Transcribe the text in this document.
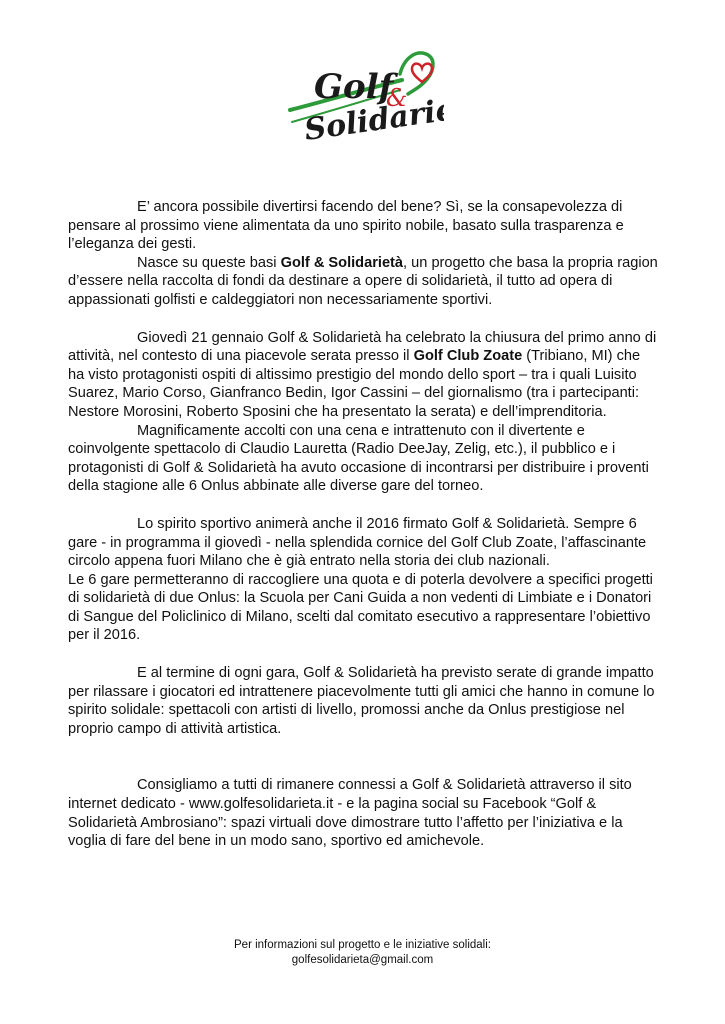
Golf
&
Solidarietà

E’ ancora possibile divertirsi facendo del bene? Sì, se la consapevolezza di pensare al prossimo viene alimentata da uno spirito nobile, basato sulla trasparenza e l’eleganza dei gesti.

Nasce su queste basi Golf & Solidarietà, un progetto che basa la propria ragion d’essere nella raccolta di fondi da destinare a opere di solidarietà, il tutto ad opera di appassionati golfisti e caldeggiatori non necessariamente sportivi.

Giovedì 21 gennaio Golf & Solidarietà ha celebrato la chiusura del primo anno di attività, nel contesto di una piacevole serata presso il Golf Club Zoate (Tribiano, MI) che ha visto protagonisti ospiti di altissimo prestigio del mondo dello sport – tra i quali Luisito Suarez, Mario Corso, Gianfranco Bedin, Igor Cassini – del giornalismo (tra i partecipanti: Nestore Morosini, Roberto Sposini che ha presentato la serata) e dell’imprenditoria.

Magnificamente accolti con una cena e intrattenuto con il divertente e coinvolgente spettacolo di Claudio Lauretta (Radio DeeJay, Zelig, etc.), il pubblico e i protagonisti di Golf & Solidarietà ha avuto occasione di incontrarsi per distribuire i proventi della stagione alle 6 Onlus abbinate alle diverse gare del torneo.

Lo spirito sportivo animerà anche il 2016 firmato Golf & Solidarietà. Sempre 6 gare - in programma il giovedì - nella splendida cornice del Golf Club Zoate, l’affascinante circolo appena fuori Milano che è già entrato nella storia dei club nazionali.

Le 6 gare permetteranno di raccogliere una quota e di poterla devolvere a specifici progetti di solidarietà di due Onlus: la Scuola per Cani Guida a non vedenti di Limbiate e i Donatori di Sangue del Policlinico di Milano, scelti dal comitato esecutivo a rappresentare l’obiettivo per il 2016.

E al termine di ogni gara, Golf & Solidarietà ha previsto serate di grande impatto per rilassare i giocatori ed intrattenere piacevolmente tutti gli amici che hanno in comune lo spirito solidale: spettacoli con artisti di livello, promossi anche da Onlus prestigiose nel proprio campo di attività artistica.

Consigliamo a tutti di rimanere connessi a Golf & Solidarietà attraverso il sito internet dedicato - www.golfesolidarieta.it - e la pagina social su Facebook “Golf & Solidarietà Ambrosiano”: spazi virtuali dove dimostrare tutto l’affetto per l’iniziativa e la voglia di fare del bene in un modo sano, sportivo ed amichevole.

Per informazioni sul progetto e le iniziative solidali:
golfesolidarieta@gmail.com
